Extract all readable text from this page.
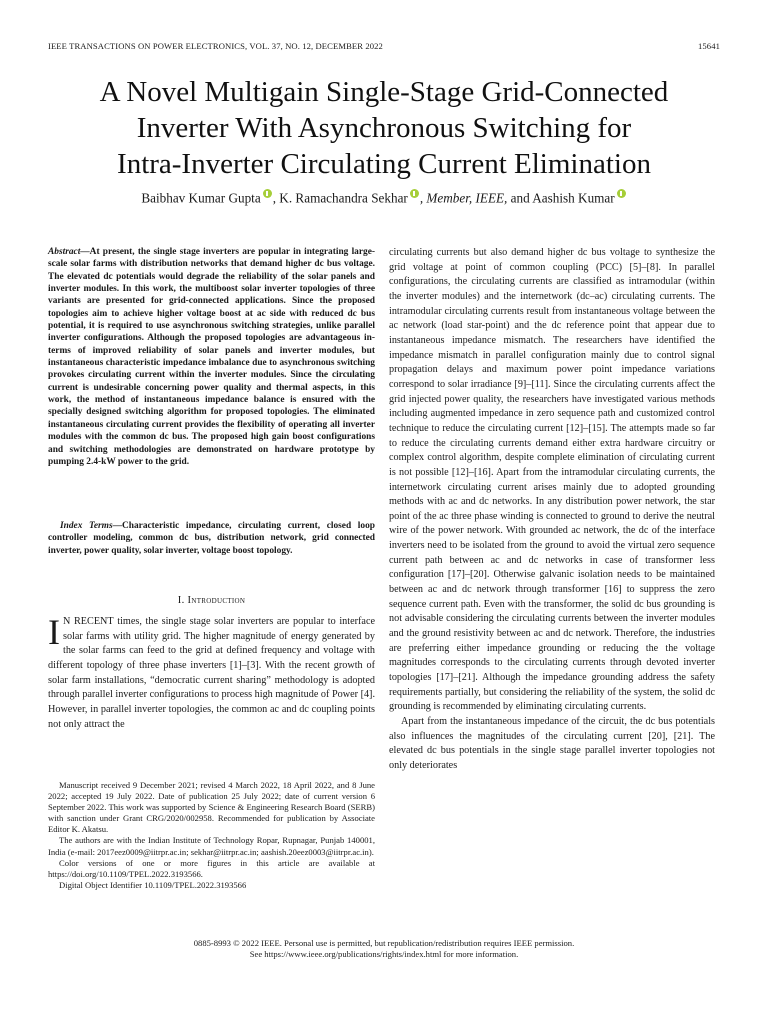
IEEE TRANSACTIONS ON POWER ELECTRONICS, VOL. 37, NO. 12, DECEMBER 2022	15641
A Novel Multigain Single-Stage Grid-Connected
Inverter With Asynchronous Switching for
Intra-Inverter Circulating Current Elimination
Baibhav Kumar Gupta , K. Ramachandra Sekhar , Member, IEEE, and Aashish Kumar

Abstract—At present, the single stage inverters are popular in integrating large-scale solar farms with distribution networks that demand higher dc bus voltage. The elevated dc potentials would degrade the reliability of the solar panels and inverter modules. In this work, the multiboost solar inverter topologies of three variants are presented for grid-connected applications. Since the proposed topologies aim to achieve higher voltage boost at ac side with reduced dc bus potential, it is required to use asynchronous switching strategies, unlike parallel inverter configurations. Although the proposed topologies are advantageous in-terms of improved reliability of solar panels and inverter modules, but instantaneous characteristic impedance imbalance due to asynchronous switching provokes circulating current within the inverter modules. Since the circulating current is undesirable concerning power quality and thermal aspects, in this work, the method of instantaneous impedance balance is ensured with the specially designed switching algorithm for proposed topologies. The eliminated instantaneous circulating current provides the flexibility of operating all inverter modules with the common dc bus. The proposed high gain boost configurations and switching methodologies are demonstrated on hardware prototype by pumping 2.4-kW power to the grid.

Index Terms—Characteristic impedance, circulating current, closed loop controller modeling, common dc bus, distribution network, grid connected inverter, power quality, solar inverter, voltage boost topology.

I. Introduction

I N RECENT times, the single stage solar inverters are popular to interface solar farms with utility grid. The higher magnitude of energy generated by the solar farms can feed to the grid at defined frequency and voltage with different topology of three phase inverters [1]–[3]. With the recent growth of solar farm installations, “democratic current sharing” methodology is adopted through parallel inverter configurations to process high magnitude of Power [4]. However, in parallel inverter topologies, the common ac and dc coupling points not only attract the

Manuscript received 9 December 2021; revised 4 March 2022, 18 April 2022, and 8 June 2022; accepted 19 July 2022. Date of publication 25 July 2022; date of current version 6 September 2022. This work was supported by Science & Engineering Research Board (SERB) with sanction under Grant CRG/2020/002958. Recommended for publication by Associate Editor K. Akatsu.

The authors are with the Indian Institute of Technology Ropar, Rupnagar, Punjab 140001, India (e-mail: 2017eez0009@iitrpr.ac.in; sekhar@iitrpr.ac.in; aashish.20eez0003@iitrpr.ac.in).

Color versions of one or more figures in this article are available at https://doi.org/10.1109/TPEL.2022.3193566.

Digital Object Identifier 10.1109/TPEL.2022.3193566

circulating currents but also demand higher dc bus voltage to synthesize the grid voltage at point of common coupling (PCC) [5]–[8]. In parallel configurations, the circulating currents are classified as intramodular (within the inverter modules) and the internetwork (dc–ac) circulating currents. The intramodular circulating currents result from instantaneous voltage between the ac network (load star-point) and the dc reference point that appear due to instantaneous impedance mismatch. The researchers have identified the impedance mismatch in parallel configuration mainly due to control signal propagation delays and maximum power point impedance variations correspond to solar irradiance [9]–[11]. Since the circulating currents affect the grid injected power quality, the researchers have investigated various methods including augmented impedance in zero sequence path and customized control technique to reduce the circulating current [12]–[15]. The attempts made so far to reduce the circulating currents demand either extra hardware circuitry or complex control algorithm, despite complete elimination of circulating current is not possible [12]–[16]. Apart from the intramodular circulating currents, the internetwork circulating current arises mainly due to adopted grounding methods with ac and dc networks. In any distribution power network, the star point of the ac three phase winding is connected to ground to derive the neutral wire of the power network. With grounded ac network, the dc of the interface inverters need to be isolated from the ground to avoid the virtual zero sequence current path between ac and dc networks in case of transformer less configuration [17]–[20]. Otherwise galvanic isolation needs to be maintained between ac and dc network through transformer [16] to suppress the zero sequence current path. Even with the transformer, the solid dc bus grounding is not advisable considering the circulating currents between the inverter modules and the ground resistivity between ac and dc network. Therefore, the industries are preferring either impedance grounding or reducing the the voltage magnitudes corresponds to the circulating currents through devoted inverter topologies [17]–[21]. Although the impedance grounding address the safety requirements partially, but considering the reliability of the system, the solid dc grounding is recommended by eliminating circulating currents.

Apart from the instantaneous impedance of the circuit, the dc bus potentials also influences the magnitudes of the circulating current [20], [21]. The elevated dc bus potentials in the single stage parallel inverter topologies not only deteriorates

0885-8993 © 2022 IEEE. Personal use is permitted, but republication/redistribution requires IEEE permission.
See https://www.ieee.org/publications/rights/index.html for more information.
